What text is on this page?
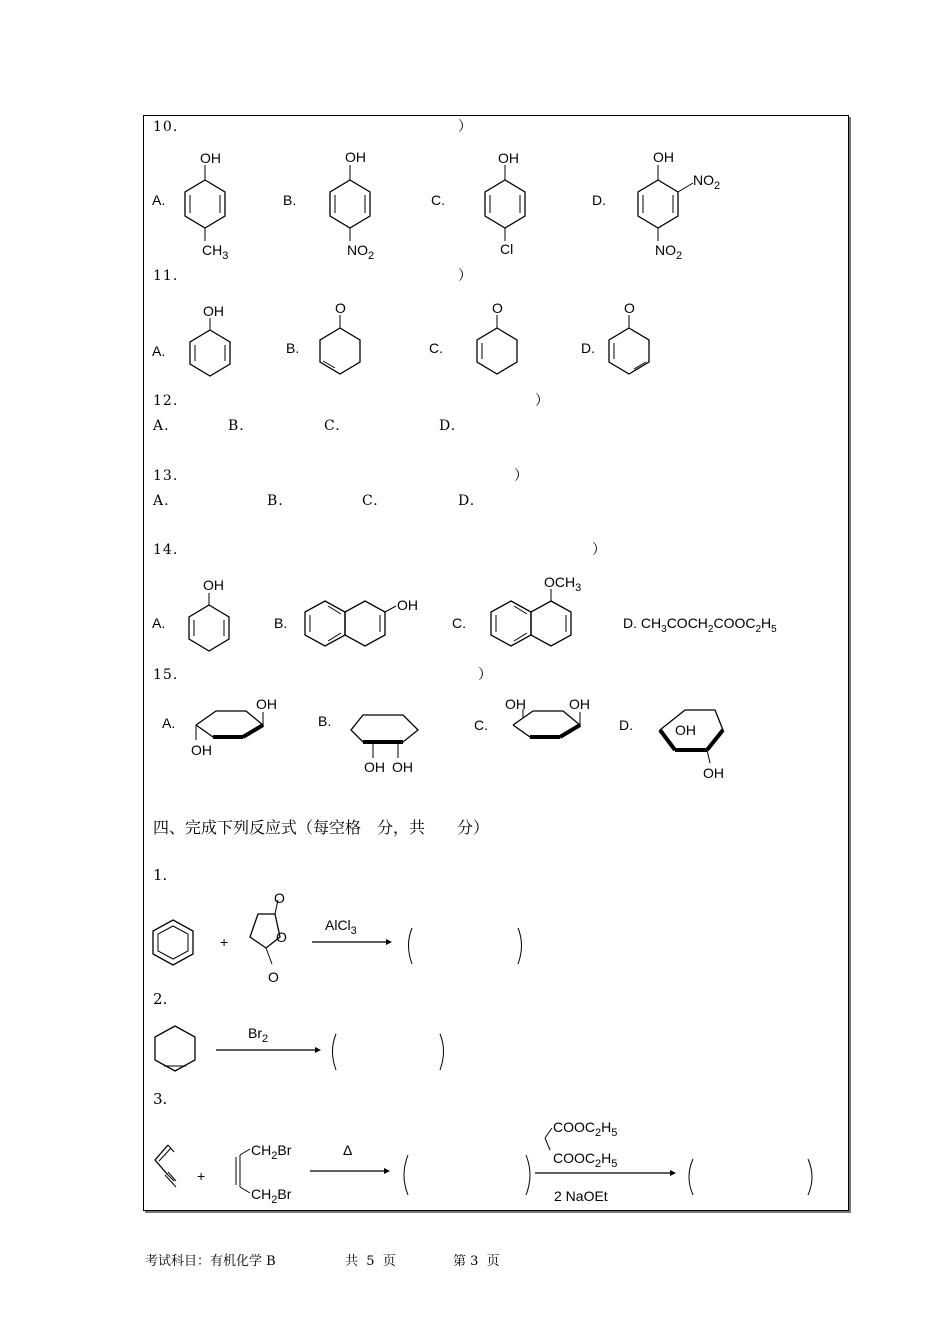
10.
　　　　　　　　　　　　　	）
A.	B.	C.	D.
OH
$CH_3$
OH
$NO_2$
OH
Cl
OH
$NO_2$
$NO_2$
11.
　　　　　　　　　　　　　	）
A.	B.	C.	D.
OH	O	O	O
12.
　　　　　　　　　　　　　　　　　	）
A. 　	B. 　　	C. 　　　	D. 　　
13.
　　　　　　　　　　　　　　　　	）
A. 　　　	B. 　　	C. 　　	D. 　　　
14.
　　　　　　　　　　　　　　　　　　　　	）
A.	B.	C.	D. $CH_3COCH_2COOC_2H_5$
OH
OH
$OCH_3$
15.
　　　　　　　　　　　　　　	）
A.	B.	C.	D.
OH
OH
OH OH
OH
OH
OH
OH
四、完成下列反应式（每空格　分，共　　分）
1.
+
O
O
O
AlCl$_3$
2.
$Br_2$
3.
+
$CH_2Br$
$CH_2Br$
Δ
$COOC_2H_5$
$COOC_2H_5$
2 NaOEt
考试科目：有机化学 B	共  5  页	第 3  页
